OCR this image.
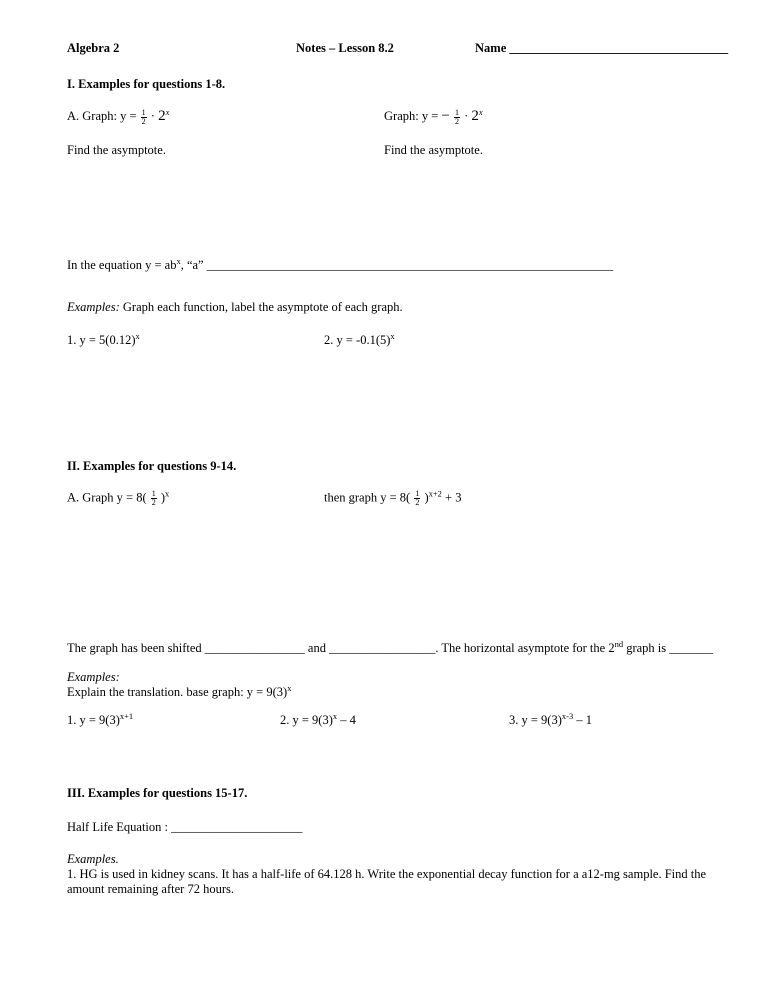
Algebra 2	Notes – Lesson 8.2	Name ___________________________________
I. Examples for questions 1-8.
A. Graph: $y = \frac{1}{2} \cdot 2^x$	Graph: y = − $\frac{1}{2} \cdot 2^x$
Find the asymptote.	Find the asymptote.
In the equation $y = ab^x$, “a” _________________________________________________________________
Examples: Graph each function, label the asymptote of each graph.
1. $y = 5(0.12)^x$	2. $y = -0.1(5)^x$
II. Examples for questions 9-14.
A. Graph $y = 8( \frac{1}{2} )^x$	then graph $y = 8( \frac{1}{2} )^{x+2} + 3$
The graph has been shifted ________________ and _________________. The horizontal asymptote for the 2nd graph is _______
Examples:
Explain the translation. base graph: $y = 9(3)^x$
1. $y = 9(3)^{x+1}$	2. $y = 9(3)^x - 4$	3. $y = 9(3)^{x-3} - 1$
III. Examples for questions 15-17.
Half Life Equation : _____________________
Examples.
1. HG is used in kidney scans. It has a half-life of 64.128 h. Write the exponential decay function for a a12-mg sample. Find the amount remaining after 72 hours.
